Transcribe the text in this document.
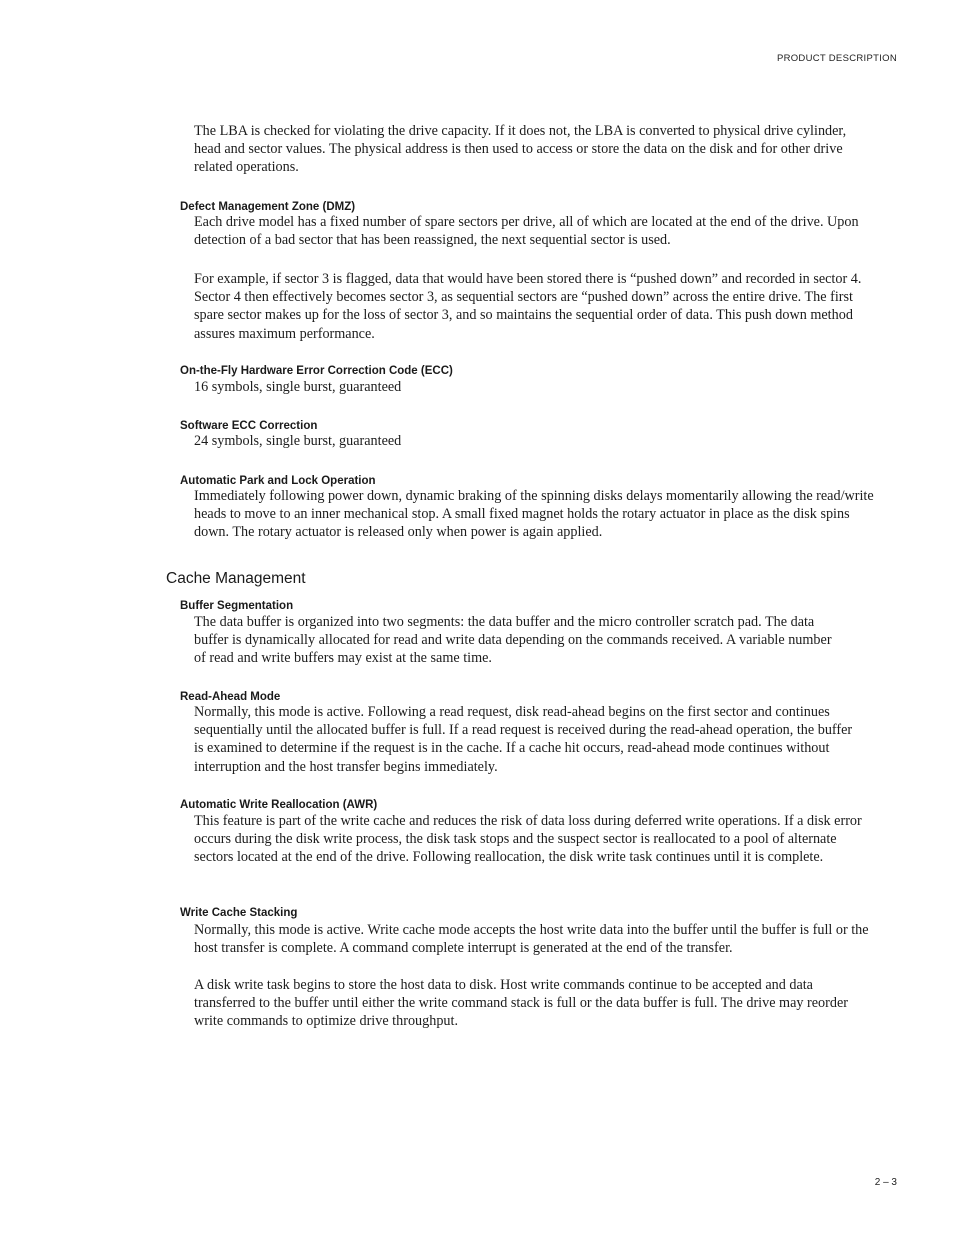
PRODUCT DESCRIPTION

The LBA is checked for violating the drive capacity. If it does not, the LBA is converted to physical drive cylinder, head and sector values. The physical address is then used to access or store the data on the disk and for other drive related operations.

Defect Management Zone (DMZ)

Each drive model has a fixed number of spare sectors per drive, all of which are located at the end of the drive. Upon detection of a bad sector that has been reassigned, the next sequential sector is used.

For example, if sector 3 is flagged, data that would have been stored there is “pushed down” and recorded in sector 4. Sector 4 then effectively becomes sector 3, as sequential sectors are “pushed down” across the entire drive. The first spare sector makes up for the loss of sector 3, and so maintains the sequential order of data. This push down method assures maximum performance.

On-the-Fly Hardware Error Correction Code (ECC)

16 symbols, single burst, guaranteed

Software ECC Correction

24 symbols, single burst, guaranteed

Automatic Park and Lock Operation

Immediately following power down, dynamic braking of the spinning disks delays momentarily allowing the read/write heads to move to an inner mechanical stop. A small fixed magnet holds the rotary actuator in place as the disk spins down. The rotary actuator is released only when power is again applied.

Cache Management
Buffer Segmentation

The data buffer is organized into two segments: the data buffer and the micro controller scratch pad. The data buffer is dynamically allocated for read and write data depending on the commands received. A variable number of read and write buffers may exist at the same time.

Read-Ahead Mode

Normally, this mode is active. Following a read request, disk read-ahead begins on the first sector and continues sequentially until the allocated buffer is full. If a read request is received during the read-ahead operation, the buffer is examined to determine if the request is in the cache. If a cache hit occurs, read-ahead mode continues without interruption and the host transfer begins immediately.

Automatic Write Reallocation (AWR)

This feature is part of the write cache and reduces the risk of data loss during deferred write operations. If a disk error occurs during the disk write process, the disk task stops and the suspect sector is reallocated to a pool of alternate sectors located at the end of the drive. Following reallocation, the disk write task continues until it is complete.

Write Cache Stacking

Normally, this mode is active. Write cache mode accepts the host write data into the buffer until the buffer is full or the host transfer is complete. A command complete interrupt is generated at the end of the transfer.

A disk write task begins to store the host data to disk. Host write commands continue to be accepted and data transferred to the buffer until either the write command stack is full or the data buffer is full. The drive may reorder write commands to optimize drive throughput.

2 – 3
